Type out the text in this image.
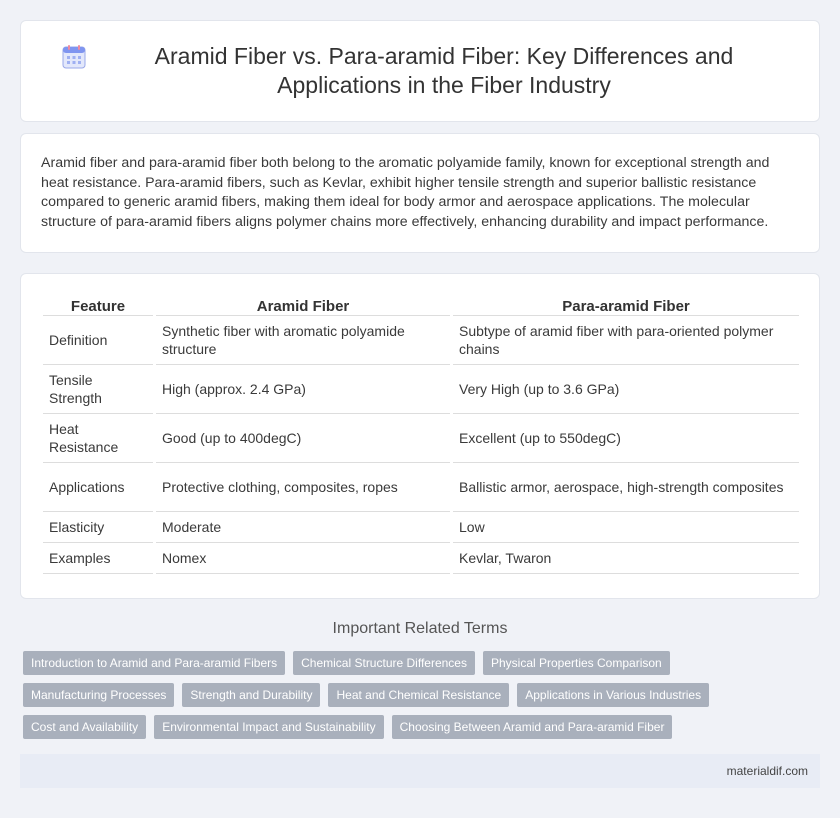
Aramid Fiber vs. Para-aramid Fiber: Key Differences and Applications in the Fiber Industry

Aramid fiber and para-aramid fiber both belong to the aromatic polyamide family, known for exceptional strength and heat resistance. Para-aramid fibers, such as Kevlar, exhibit higher tensile strength and superior ballistic resistance compared to generic aramid fibers, making them ideal for body armor and aerospace applications. The molecular structure of para-aramid fibers aligns polymer chains more effectively, enhancing durability and impact performance.

Feature	Aramid Fiber	Para-aramid Fiber
Definition	Synthetic fiber with aromatic polyamide structure	Subtype of aramid fiber with para-oriented polymer chains
Tensile Strength	High (approx. 2.4 GPa)	Very High (up to 3.6 GPa)
Heat Resistance	Good (up to 400degC)	Excellent (up to 550degC)
Applications	Protective clothing, composites, ropes	Ballistic armor, aerospace, high-strength composites
Elasticity	Moderate	Low
Examples	Nomex	Kevlar, Twaron
Important Related Terms
Introduction to Aramid and Para-aramid Fibers	Chemical Structure Differences	Physical Properties Comparison
Manufacturing Processes	Strength and Durability	Heat and Chemical Resistance	Applications in Various Industries
Cost and Availability	Environmental Impact and Sustainability	Choosing Between Aramid and Para-aramid Fiber
materialdif.com
